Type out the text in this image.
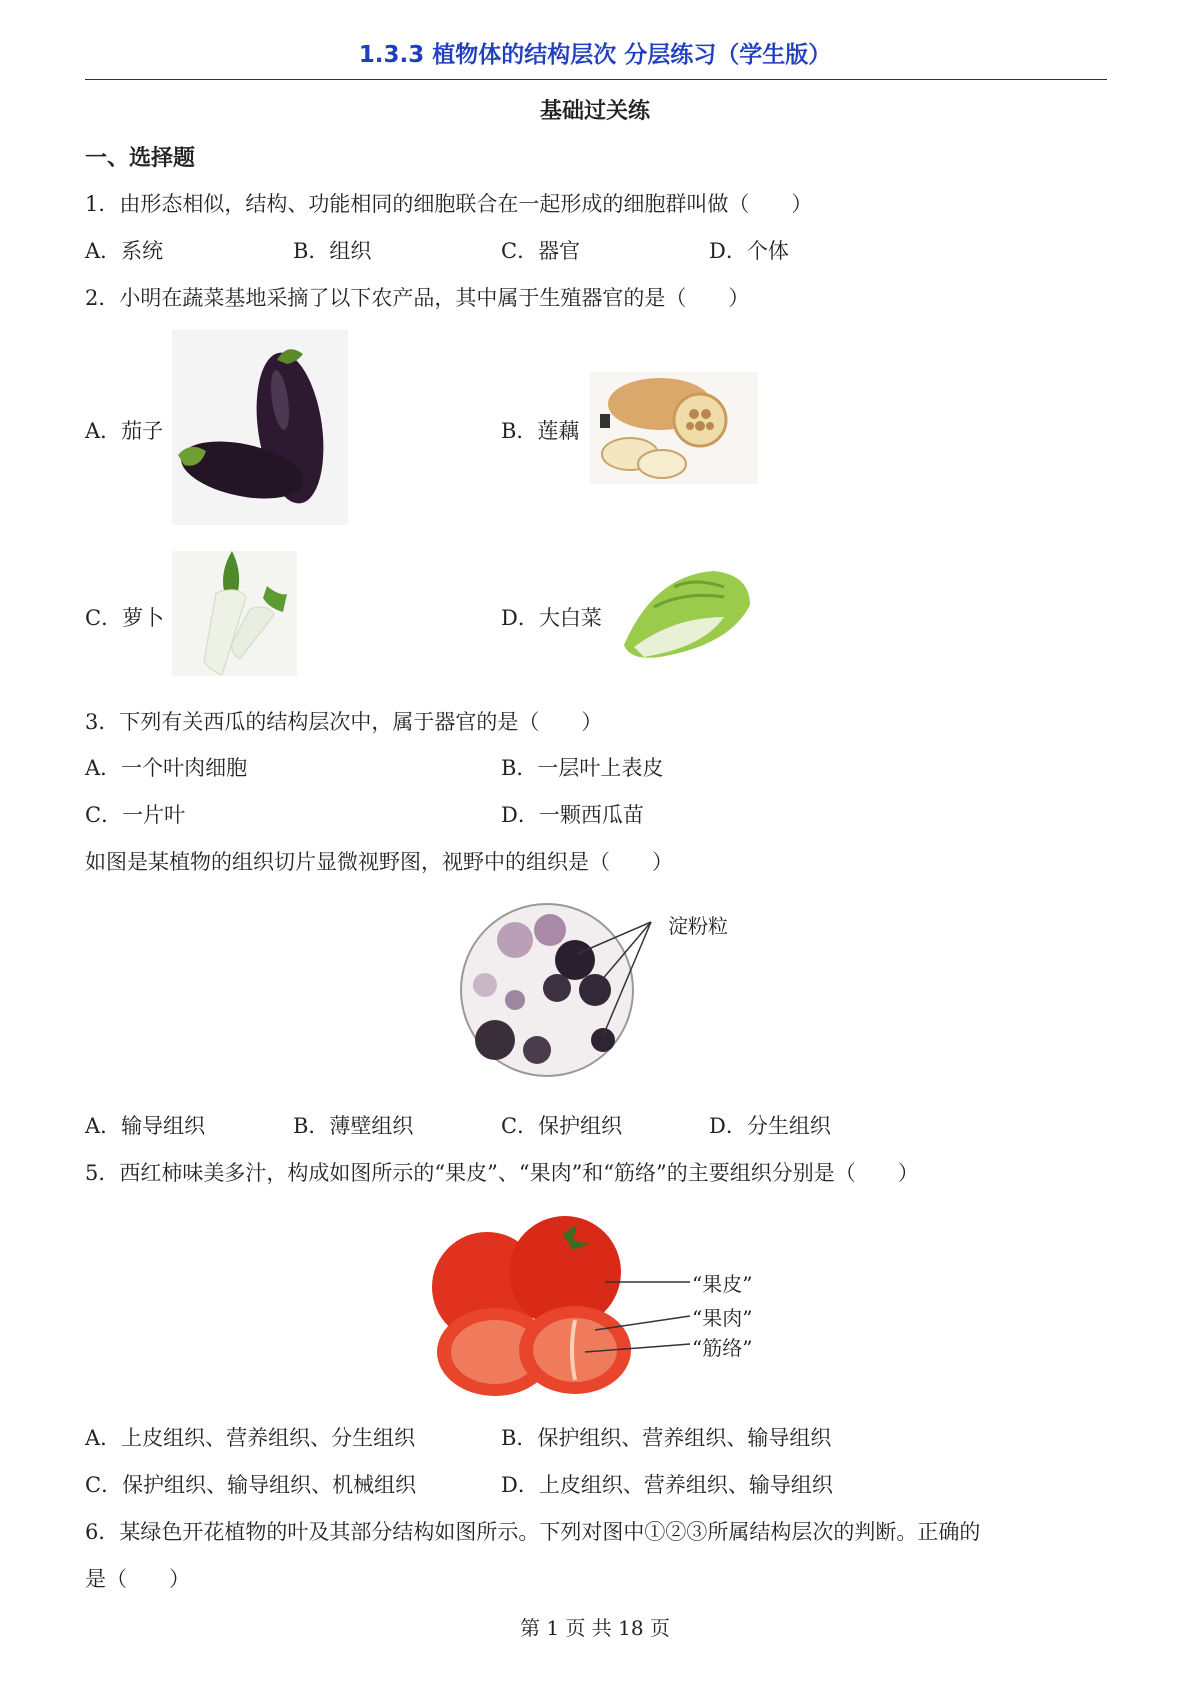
1.3.3 植物体的结构层次 分层练习（学生版）
基础过关练
一、选择题
1．由形态相似，结构、功能相同的细胞联合在一起形成的细胞群叫做（　　）
A．系统	B．组织	C．器官	D．个体
2．小明在蔬菜基地采摘了以下农产品，其中属于生殖器官的是（　　）
A．茄子	B．莲藕
C．萝卜	D．大白菜
3．下列有关西瓜的结构层次中，属于器官的是（　　）
A．一个叶肉细胞	B．一层叶上表皮
C．一片叶	D．一颗西瓜苗
如图是某植物的组织切片显微视野图，视野中的组织是（　　）
淀粉粒
A．输导组织	B．薄壁组织	C．保护组织	D．分生组织
5．西红柿味美多汁，构成如图所示的“果皮”、“果肉”和“筋络”的主要组织分别是（　　）
“果皮”
“果肉”
“筋络”
A．上皮组织、营养组织、分生组织	B．保护组织、营养组织、输导组织
C．保护组织、输导组织、机械组织	D．上皮组织、营养组织、输导组织
6．某绿色开花植物的叶及其部分结构如图所示。下列对图中①②③所属结构层次的判断。正确的
是（　　）
第 1 页 共 18 页
